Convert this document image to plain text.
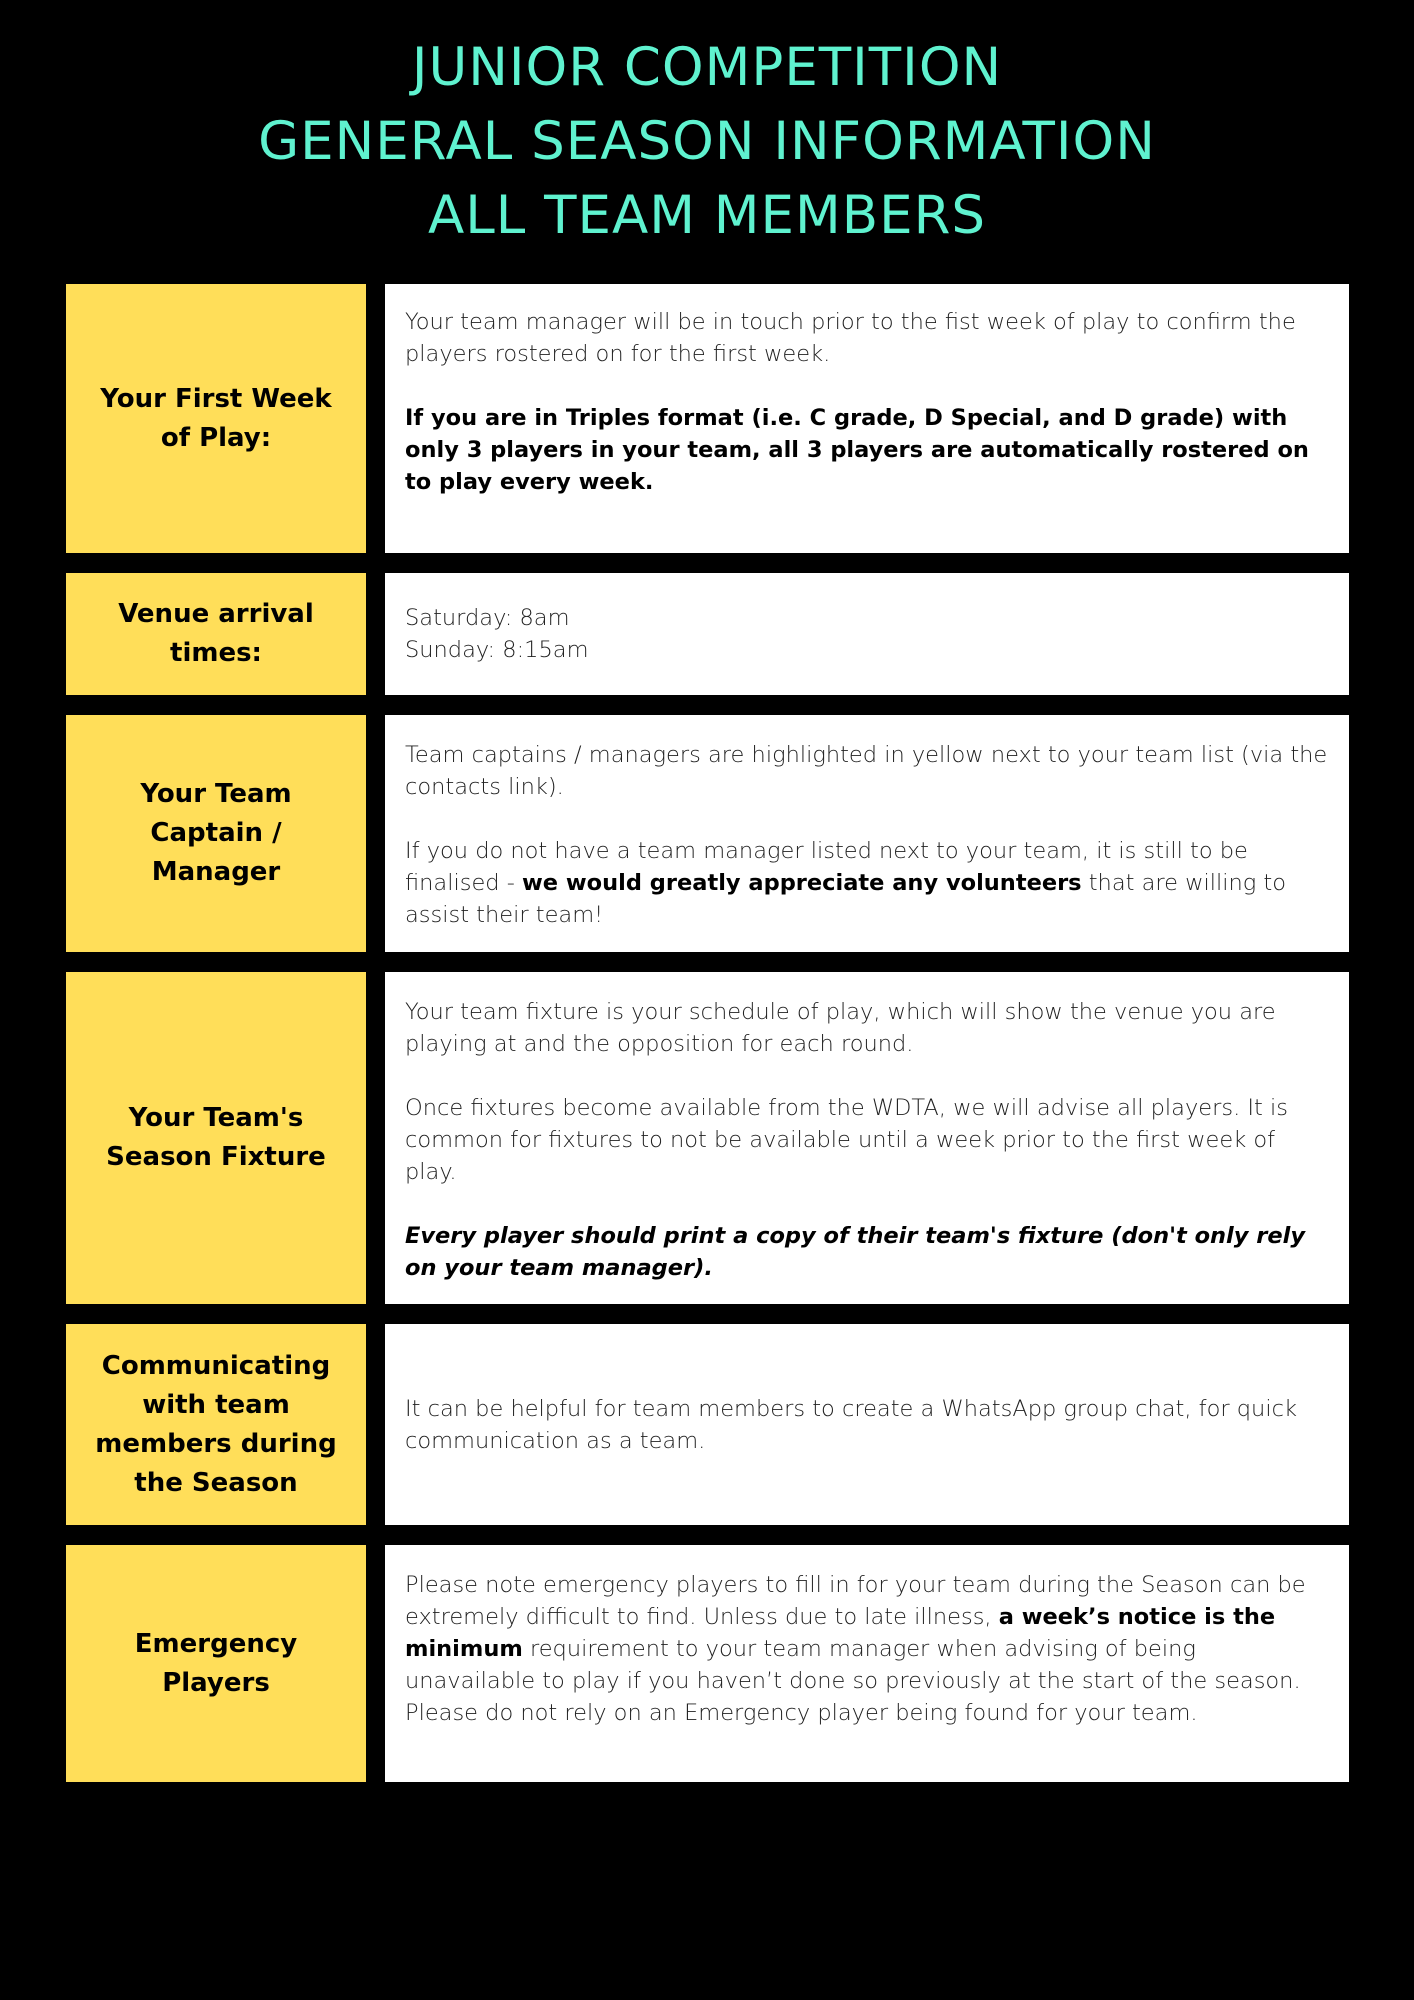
JUNIOR COMPETITION
GENERAL SEASON INFORMATION
ALL TEAM MEMBERS
Your First Week of Play:

Your team manager will be in touch prior to the fist week of play to confirm the players rostered on for the first week.

If you are in Triples format (i.e. C grade, D Special, and D grade) with only 3 players in your team, all 3 players are automatically rostered on to play every week.

Venue arrival times:
Saturday: 8am
Sunday: 8:15am
Your Team Captain / Manager

Team captains / managers are highlighted in yellow next to your team list (via the contacts link).

If you do not have a team manager listed next to your team, it is still to be finalised - we would greatly appreciate any volunteers that are willing to assist their team!

Your Team's Season Fixture

Your team fixture is your schedule of play, which will show the venue you are playing at and the opposition for each round.

Once fixtures become available from the WDTA, we will advise all players. It is common for fixtures to not be available until a week prior to the first week of play.

Every player should print a copy of their team's fixture (don't only rely on your team manager).

Communicating with team members during the Season

It can be helpful for team members to create a WhatsApp group chat, for quick communication as a team.

Emergency Players

Please note emergency players to fill in for your team during the Season can be extremely difficult to find. Unless due to late illness, a week’s notice is the minimum requirement to your team manager when advising of being unavailable to play if you haven’t done so previously at the start of the season. Please do not rely on an Emergency player being found for your team.
